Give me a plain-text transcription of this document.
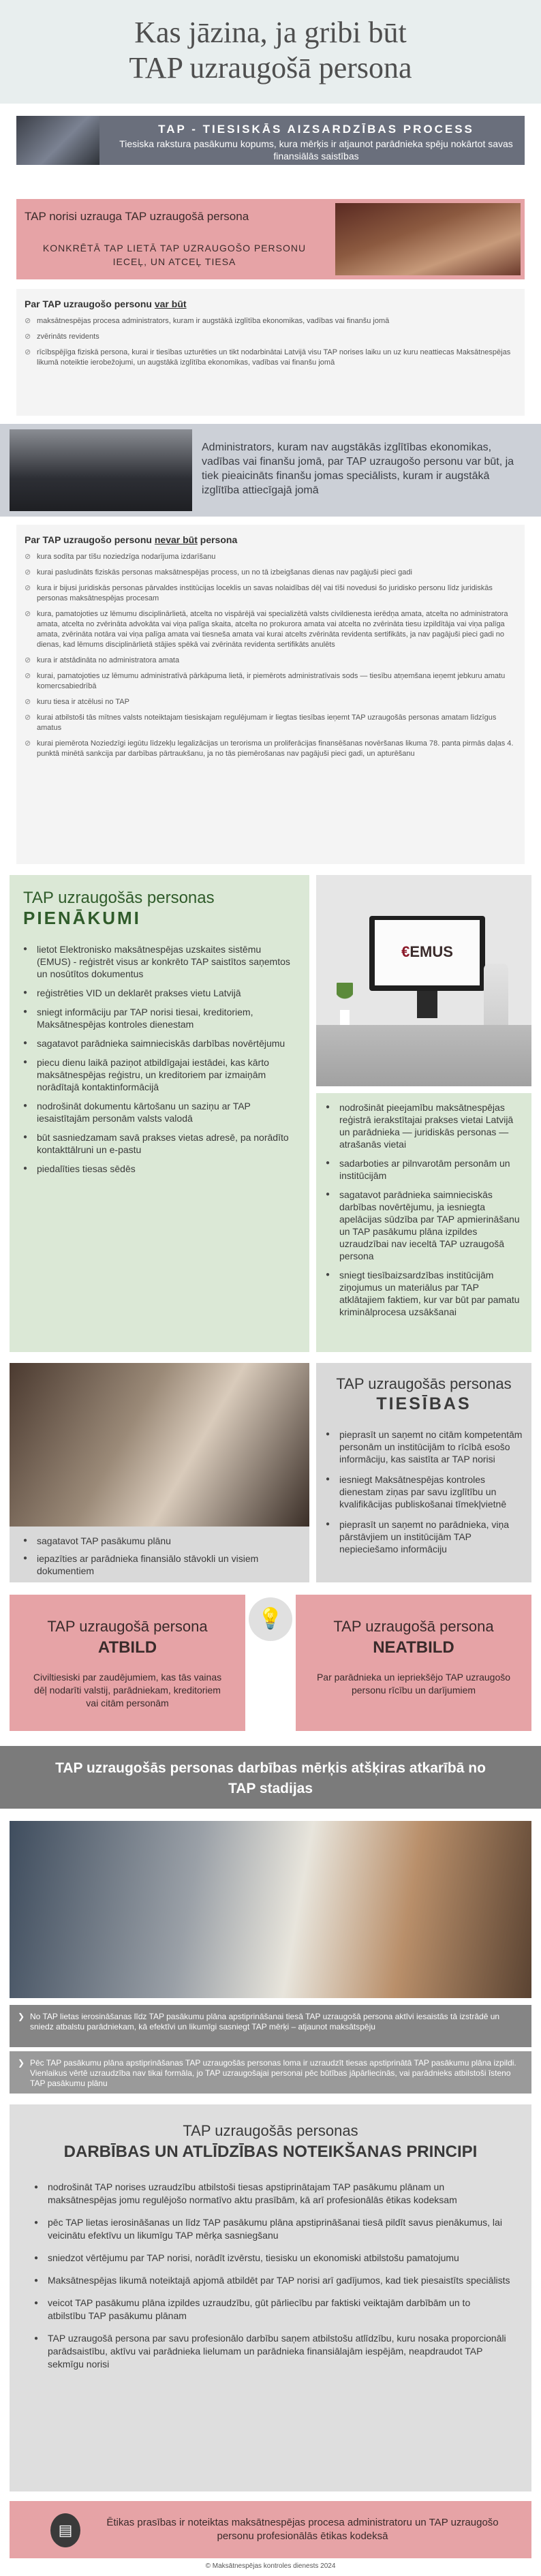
Kas jāzina, ja gribi būt
TAP uzraugošā persona
TAP - TIESISKĀS AIZSARDZĪBAS PROCESS
Tiesiska rakstura pasākumu kopums, kura mērķis ir atjaunot parādnieka spēju nokārtot savas finansiālās saistības
TAP norisi uzrauga TAP uzraugošā persona
KONKRĒTĀ TAP LIETĀ TAP UZRAUGOŠO PERSONU IECEĻ, UN ATCEĻ TIESA
Par TAP uzraugošo personu var būt
⊘ maksātnespējas procesa administrators, kuram ir augstākā izglītība ekonomikas, vadības vai finanšu jomā
⊘ zvērināts revidents
⊘ rīcībspējīga fiziskā persona, kurai ir tiesības uzturēties un tikt nodarbinātai Latvijā visu TAP norises laiku un uz kuru neattiecas Maksātnespējas likumā noteiktie ierobežojumi, un augstākā izglītība ekonomikas, vadības vai finanšu jomā
Administrators, kuram nav augstākās izglītības ekonomikas, vadības vai finanšu jomā, par TAP uzraugošo personu var būt, ja tiek pieaicināts finanšu jomas speciālists, kuram ir augstākā izglītība attiecīgajā jomā
Par TAP uzraugošo personu nevar būt persona
⊘ kura sodīta par tīšu noziedzīga nodarījuma izdarīšanu
⊘ kurai pasludināts fiziskās personas maksātnespējas process, un no tā izbeigšanas dienas nav pagājuši pieci gadi
⊘ kura ir bijusi juridiskās personas pārvaldes institūcijas loceklis un savas nolaidības dēļ vai tīši novedusi šo juridisko personu līdz juridiskās personas maksātnespējas procesam
⊘ kura, pamatojoties uz lēmumu disciplinārlietā, atcelta no vispārējā vai specializētā valsts civildienesta ierēdņa amata, atcelta no administratora amata, atcelta no zvērināta advokāta vai viņa palīga skaita, atcelta no prokurora amata vai atcelta no zvērināta tiesu izpildītāja vai viņa palīga amata, zvērināta notāra vai viņa palīga amata vai tiesneša amata vai kurai atcelts zvērināta revidenta sertifikāts, ja nav pagājuši pieci gadi no dienas, kad lēmums disciplinārlietā stājies spēkā vai zvērināta revidenta sertifikāts anulēts
⊘ kura ir atstādināta no administratora amata
⊘ kurai, pamatojoties uz lēmumu administratīvā pārkāpuma lietā, ir piemērots administratīvais sods — tiesību atņemšana ieņemt jebkuru amatu komercsabiedrībā
⊘ kuru tiesa ir atcēlusi no TAP
⊘ kurai atbilstoši tās mītnes valsts noteiktajam tiesiskajam regulējumam ir liegtas tiesības ieņemt TAP uzraugošās personas amatam līdzīgus amatus
⊘ kurai piemērota Noziedzīgi iegūtu līdzekļu legalizācijas un terorisma un proliferācijas finansēšanas novēršanas likuma 78. panta pirmās daļas 4. punktā minētā sankcija par darbības pārtraukšanu, ja no tās piemērošanas nav pagājuši pieci gadi, un apturēšanu
TAP uzraugošās personas
PIENĀKUMI
● lietot Elektronisko maksātnespējas uzskaites sistēmu (EMUS) - reģistrēt visus ar konkrēto TAP saistītos saņemtos un nosūtītos dokumentus
● reģistrēties VID un deklarēt prakses vietu Latvijā
● sniegt informāciju par TAP norisi tiesai, kreditoriem, Maksātnespējas kontroles dienestam
● sagatavot parādnieka saimnieciskās darbības novērtējumu
● piecu dienu laikā paziņot atbildīgajai iestādei, kas kārto maksātnespējas reģistru, un kreditoriem par izmaiņām norādītajā kontaktinformācijā
● nodrošināt dokumentu kārtošanu un saziņu ar TAP iesaistītajām personām valsts valodā
● būt sasniedzamam savā prakses vietas adresē, pa norādīto kontakttālruni un e-pastu
● piedalīties tiesas sēdēs
€EMUS
● nodrošināt pieejamību maksātnespējas reģistrā ierakstītajai prakses vietai Latvijā un parādnieka — juridiskās personas — atrašanās vietai
● sadarboties ar pilnvarotām personām un institūcijām
● sagatavot parādnieka saimnieciskās darbības novērtējumu, ja iesniegta apelācijas sūdzība par TAP apmierināšanu un TAP pasākumu plāna izpildes uzraudzībai nav ieceltā TAP uzraugošā persona
● sniegt tiesībaizsardzības institūcijām ziņojumus un materiālus par TAP atklātajiem faktiem, kur var būt par pamatu kriminālprocesa uzsākšanai
● sagatavot TAP pasākumu plānu
● iepazīties ar parādnieka finansiālo stāvokli un visiem dokumentiem
TAP uzraugošās personas
TIESĪBAS
● pieprasīt un saņemt no citām kompetentām personām un institūcijām to rīcībā esošo informāciju, kas saistīta ar TAP norisi
● iesniegt Maksātnespējas kontroles dienestam ziņas par savu izglītību un kvalifikācijas publiskošanai tīmekļvietnē
● pieprasīt un saņemt no parādnieka, viņa pārstāvjiem un institūcijām TAP nepieciešamo informāciju
TAP uzraugošā persona
ATBILD
Civiltiesiski par zaudējumiem, kas tās vainas dēļ nodarīti valstij, parādniekam, kreditoriem vai citām personām
💡	TAP uzraugošā persona
NEATBILD
Par parādnieka un iepriekšējo TAP uzraugošo personu rīcību un darījumiem
TAP uzraugošās personas darbības mērķis atšķiras atkarībā no TAP stadijas
❯ No TAP lietas ierosināšanas līdz TAP pasākumu plāna apstiprināšanai tiesā TAP uzraugošā persona aktīvi iesaistās tā izstrādē un sniedz atbalstu parādniekam, kā efektīvi un likumīgi sasniegt TAP mērķi – atjaunot maksātspēju
❯ Pēc TAP pasākumu plāna apstiprināšanas TAP uzraugošās personas loma ir uzraudzīt tiesas apstiprinātā TAP pasākumu plāna izpildi. Vienlaikus vērtē uzraudzība nav tikai formāla, jo TAP uzraugošajai personai pēc būtības jāpārliecinās, vai parādnieks atbilstoši īsteno TAP pasākumu plānu
TAP uzraugošās personas
DARBĪBAS UN ATLĪDZĪBAS NOTEIKŠANAS PRINCIPI
● nodrošināt TAP norises uzraudzību atbilstoši tiesas apstiprinātajam TAP pasākumu plānam un maksātnespējas jomu regulējošo normatīvo aktu prasībām, kā arī profesionālās ētikas kodeksam
● pēc TAP lietas ierosināšanas un līdz TAP pasākumu plāna apstiprināšanai tiesā pildīt savus pienākumus, lai veicinātu efektīvu un likumīgu TAP mērķa sasniegšanu
● sniedzot vērtējumu par TAP norisi, norādīt izvērstu, tiesisku un ekonomiski atbilstošu pamatojumu
● Maksātnespējas likumā noteiktajā apjomā atbildēt par TAP norisi arī gadījumos, kad tiek piesaistīts speciālists
● veicot TAP pasākumu plāna izpildes uzraudzību, gūt pārliecību par faktiski veiktajām darbībām un to atbilstību TAP pasākumu plānam
● TAP uzraugošā persona par savu profesionālo darbību saņem atbilstošu atlīdzību, kuru nosaka proporcionāli parādsaistību, aktīvu vai parādnieka lielumam un parādnieka finansiālajām iespējām, neapdraudot TAP sekmīgu norisi
▤	Ētikas prasības ir noteiktas maksātnespējas procesa administratoru un TAP uzraugošo personu profesionālās ētikas kodeksā
© Maksātnespējas kontroles dienests 2024
